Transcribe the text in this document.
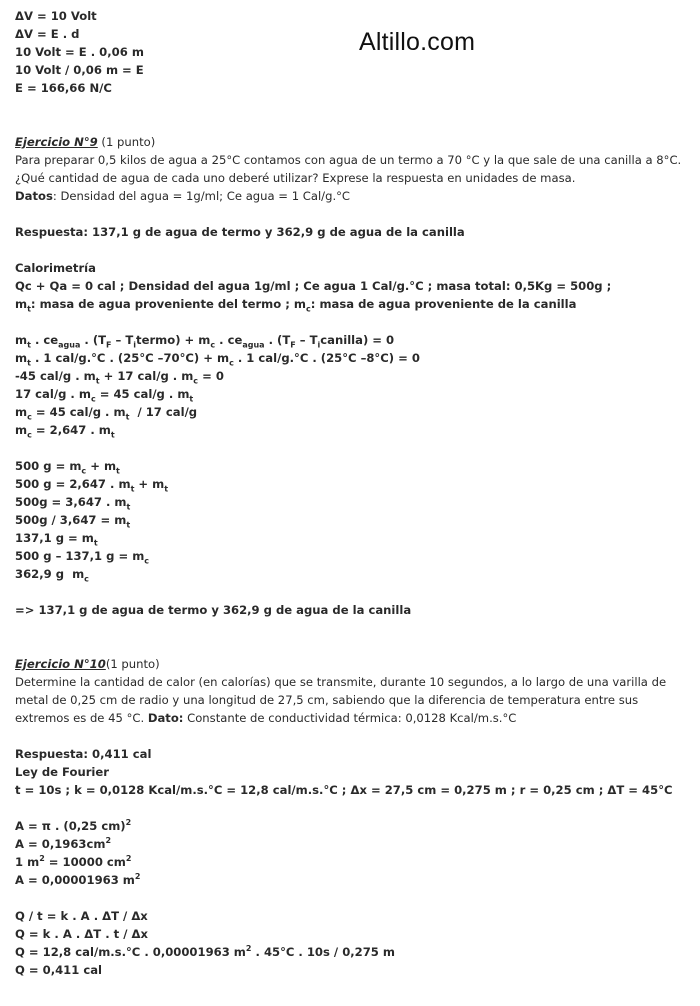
Altillo.com
ΔV = 10 Volt
ΔV = E . d
10 Volt = E . 0,06 m
10 Volt / 0,06 m = E
E = 166,66 N/C
Ejercicio N°9 (1 punto)
Para preparar 0,5 kilos de agua a 25°C contamos con agua de un termo a 70 °C y la que sale de una canilla a 8°C.
¿Qué cantidad de agua de cada uno deberé utilizar? Exprese la respuesta en unidades de masa.
Datos: Densidad del agua = 1g/ml; Ce agua = 1 Cal/g.°C
Respuesta: 137,1 g de agua de termo y 362,9 g de agua de la canilla
Calorimetría
Qc + Qa = 0 cal ; Densidad del agua 1g/ml ; Ce agua 1 Cal/g.°C ; masa total: 0,5Kg = 500g ;
$m_t$: masa de agua proveniente del termo ; $m_c$: masa de agua proveniente de la canilla
$m_t$ . $ce_{agua}$ . ($T_F$ – $T_itermo) + m_c$ . $ce_{agua}$ . ($T_F$ – $T_icanilla) = 0$
$m_t$ . 1 cal/g.°C . (25°C $-70^\circ C) + m_c$ . 1 cal/g.°C . (25°C –8°C) = 0
-45 cal/g . $m_t + 17$ cal/g . $m_c = 0$
17 cal/g . $m_c = 45$ cal/g . $m_t$
$m_c = 45$ cal/g . $m_t / 17$ cal/g
$m_c = 2,647$ . $m_t$
500 $g = m_c + m_t$
500 g = 2,647 . $m_t + m_t$
500g = 3,647 . $m_t$
$500g / 3,647 = m_t$
137,1 $g = m_t$
500 g – 137,1 $g = m_c$
362,9 g  $m_c$
=> 137,1 g de agua de termo y 362,9 g de agua de la canilla
Ejercicio N°10(1 punto)
Determine la cantidad de calor (en calorías) que se transmite, durante 10 segundos, a lo largo de una varilla de
metal de 0,25 cm de radio y una longitud de 27,5 cm, sabiendo que la diferencia de temperatura entre sus
extremos es de 45 °C. Dato: Constante de conductividad térmica: 0,0128 Kcal/m.s.°C
Respuesta: 0,411 cal
Ley de Fourier
t = 10s ; k = 0,0128 Kcal/m.s.°C = 12,8 cal/m.s.°C ; Δx = 27,5 cm = 0,275 m ; r = 0,25 cm ; ΔT = 45°C
A = π . (0,25 cm)$^2$
$A = 0,1963cm^2$
1 $m^2 = 10000$ $cm^2$
A = 0,00001963 $m^2$
Q / t = k . A . ΔT / Δx
Q = k . A . ΔT . t / Δx
Q = 12,8 cal/m.s.°C . 0,00001963 $m^2$ . 45°C . 10s / 0,275 m
Q = 0,411 cal
